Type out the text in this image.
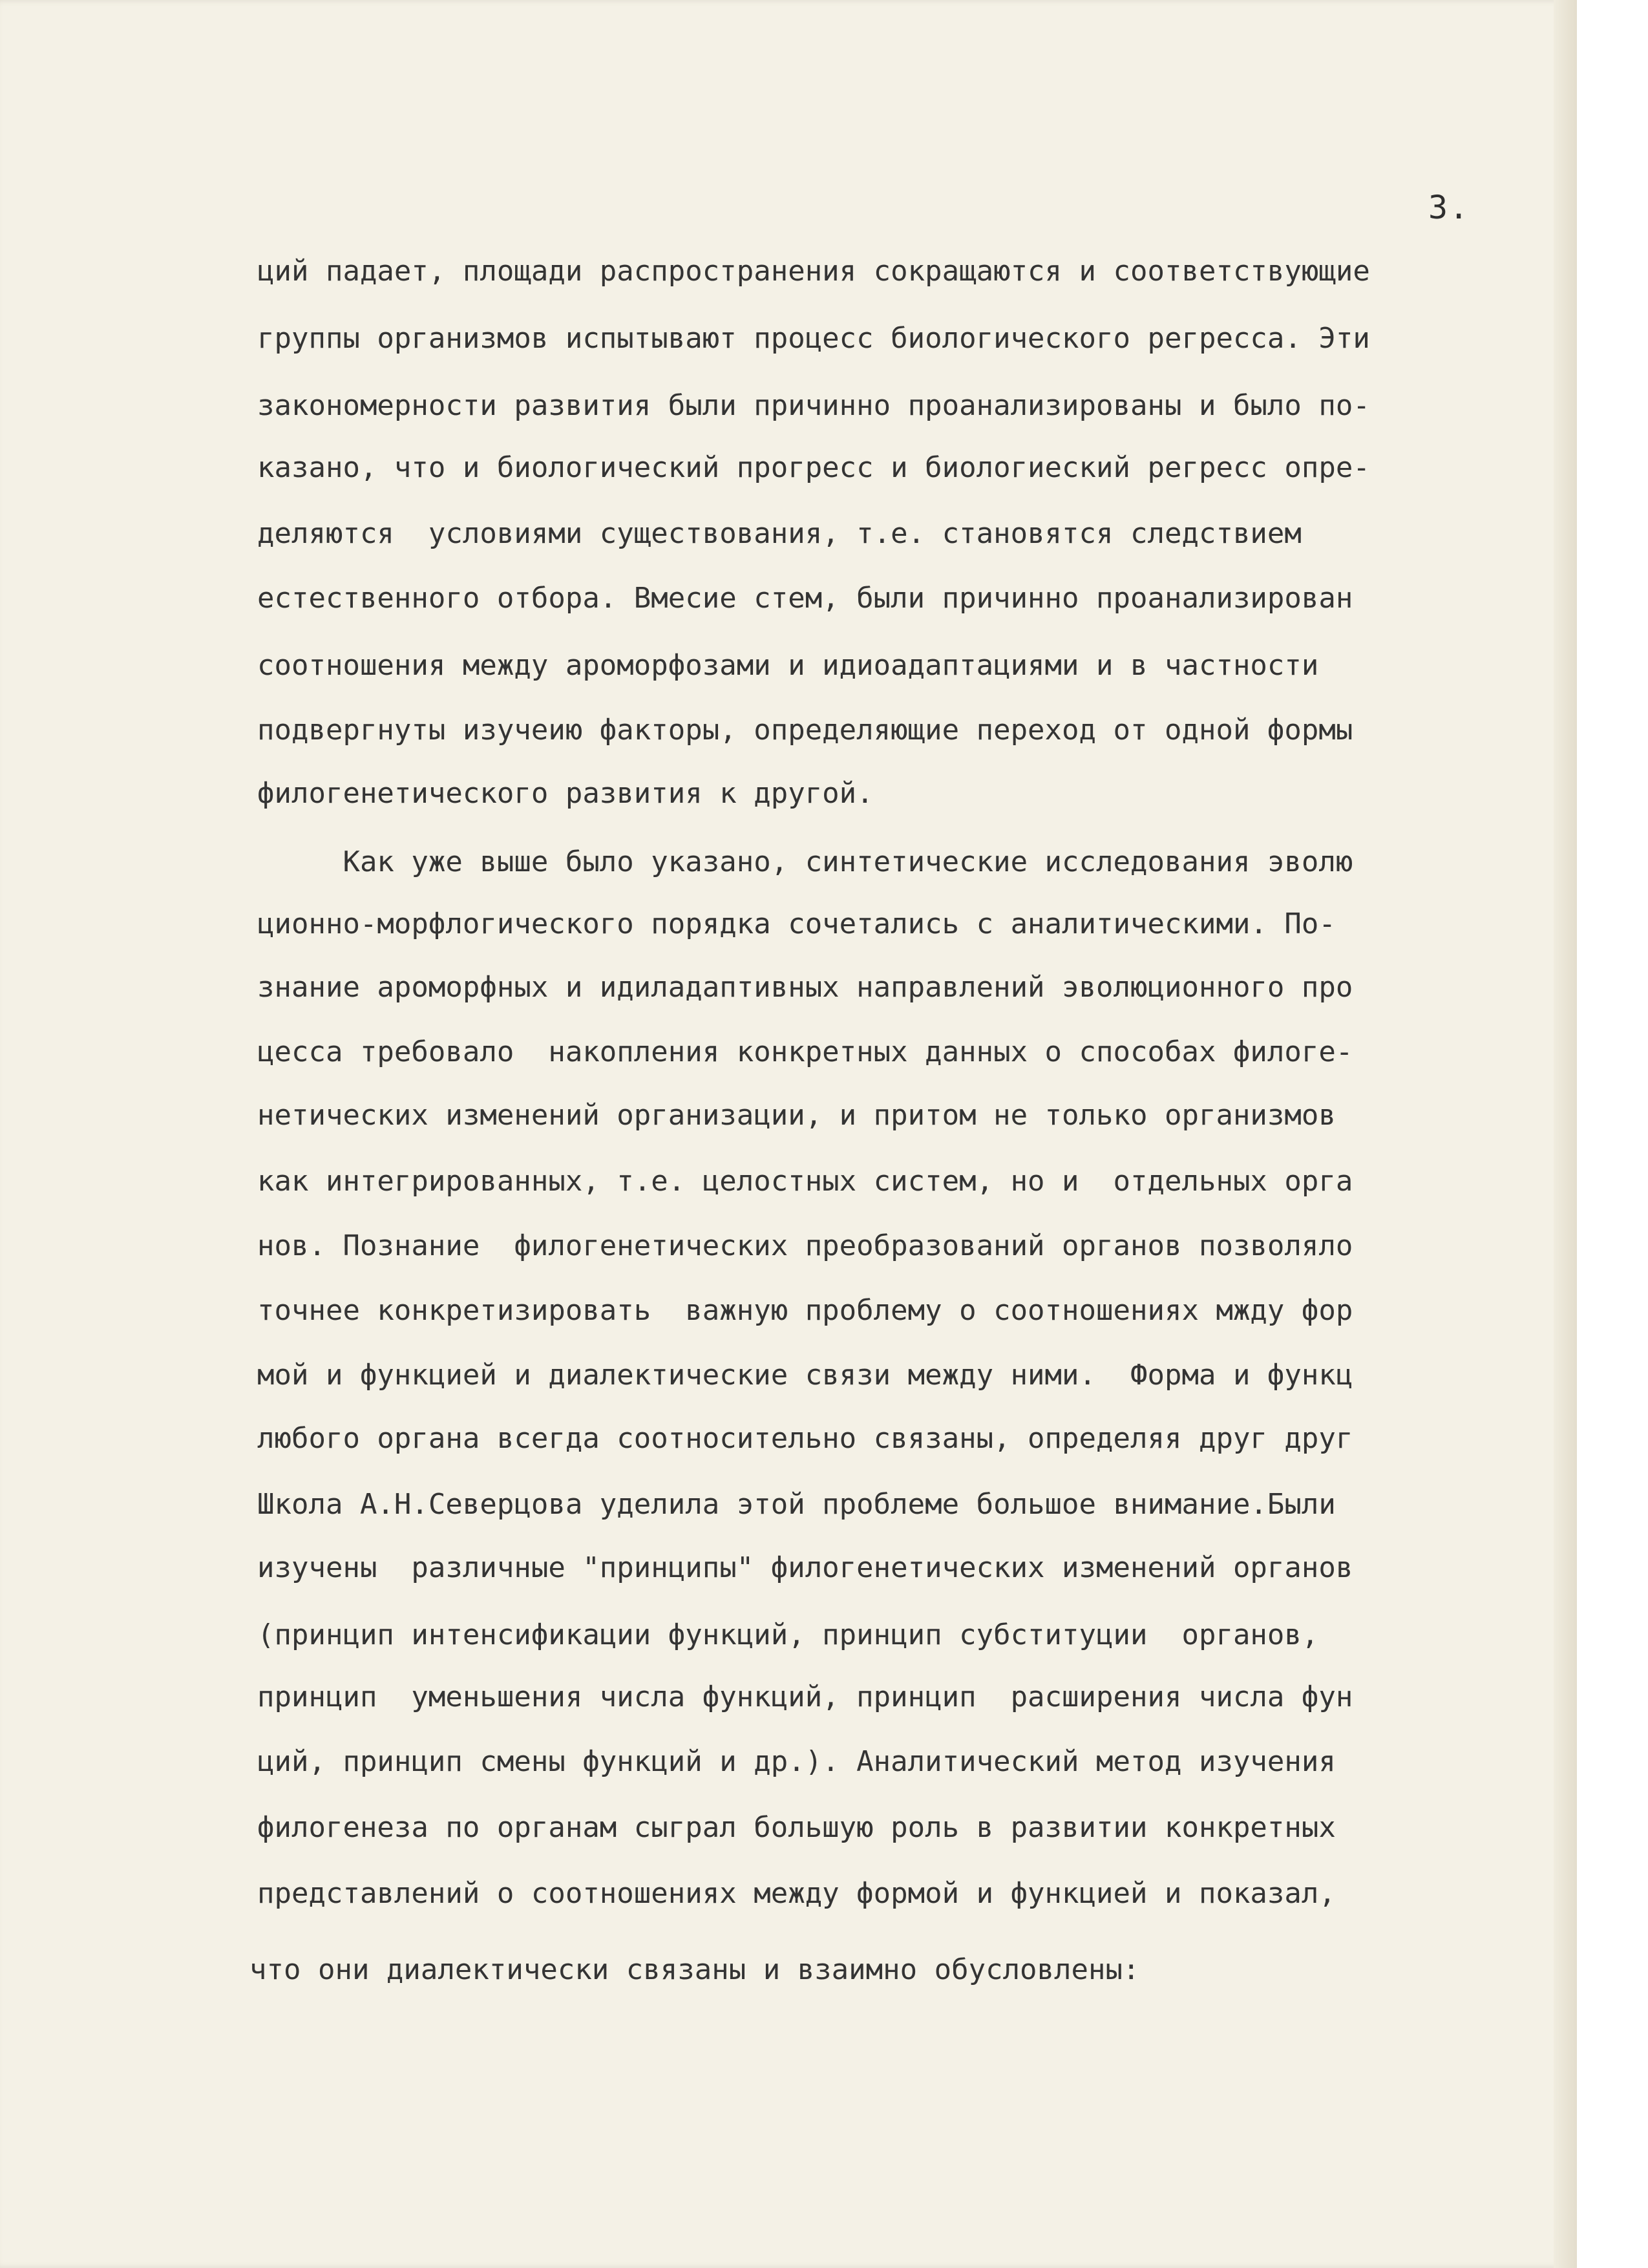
3.
ций падает, площади распространения сокращаются и соответствующие
группы организмов испытывают процесс биологического регресса. Эти
закономерности развития были причинно проанализированы и было по-
казано, что и биологический прогресс и биологиеский регресс опре-
деляются  условиями существования, т.е. становятся следствием
естественного отбора. Вмесие стем, были причинно проанализирован
соотношения между ароморфозами и идиоадаптациями и в частности
подвергнуты изучеию факторы, определяющие переход от одной формы
филогенетического развития к другой.
Как уже выше было указано, синтетические исследования эволю
ционно-морфлогического порядка сочетались с аналитическими. По-
знание ароморфных и идиладаптивных направлений эволюционного про
цесса требовало  накопления конкретных данных о способах филоге-
нетических изменений организации, и притом не только организмов
как интегрированных, т.е. целостных систем, но и  отдельных орга
нов. Познание  филогенетических преобразований органов позволяло
точнее конкретизировать  важную проблему о соотношениях мжду фор
мой и функцией и диалектические связи между ними.  Форма и функц
любого органа всегда соотносительно связаны, определяя друг друг
Школа А.Н.Северцова уделила этой проблеме большое внимание.Были
изучены  различные "принципы" филогенетических изменений органов
(принцип интенсификации функций, принцип субституции  органов,
принцип  уменьшения числа функций, принцип  расширения числа фун
ций, принцип смены функций и др.). Аналитический метод изучения
филогенеза по органам сыграл большую роль в развитии конкретных
представлений о соотношениях между формой и функцией и показал,
что они диалектически связаны и взаимно обусловлены:
